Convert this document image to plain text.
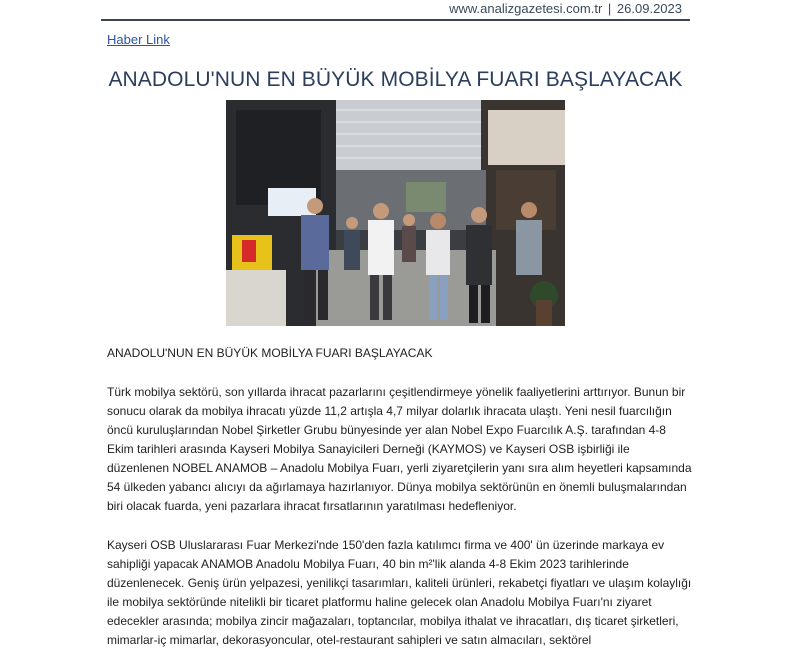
www.analizgazetesi.com.tr | 26.09.2023
Haber Link
ANADOLU'NUN EN BÜYÜK MOBİLYA FUARI BAŞLAYACAK

ANADOLU'NUN EN BÜYÜK MOBİLYA FUARI BAŞLAYACAK

Türk mobilya sektörü, son yıllarda ihracat pazarlarını çeşitlendirmeye yönelik faaliyetlerini arttırıyor. Bunun bir sonucu olarak da mobilya ihracatı yüzde 11,2 artışla 4,7 milyar dolarlık ihracata ulaştı. Yeni nesil fuarcılığın öncü kuruluşlarından Nobel Şirketler Grubu bünyesinde yer alan Nobel Expo Fuarcılık A.Ş. tarafından 4-8 Ekim tarihleri arasında Kayseri Mobilya Sanayicileri Derneği (KAYMOS) ve Kayseri OSB işbirliği ile düzenlenen NOBEL ANAMOB – Anadolu Mobilya Fuarı, yerli ziyaretçilerin yanı sıra alım heyetleri kapsamında 54 ülkeden yabancı alıcıyı da ağırlamaya hazırlanıyor. Dünya mobilya sektörünün en önemli buluşmalarından biri olacak fuarda, yeni pazarlara ihracat fırsatlarının yaratılması hedefleniyor.

Kayseri OSB Uluslararası Fuar Merkezi'nde 150'den fazla katılımcı firma ve 400' ün üzerinde markaya ev sahipliği yapacak ANAMOB Anadolu Mobilya Fuarı, 40 bin m²'lik alanda 4-8 Ekim 2023 tarihlerinde düzenlenecek. Geniş ürün yelpazesi, yenilikçi tasarımları, kaliteli ürünleri, rekabetçi fiyatları ve ulaşım kolaylığı ile mobilya sektöründe nitelikli bir ticaret platformu haline gelecek olan Anadolu Mobilya Fuarı'nı ziyaret edecekler arasında; mobilya zincir mağazaları, toptancılar, mobilya ithalat ve ihracatları, dış ticaret şirketleri, mimarlar-iç mimarlar, dekorasyoncular, otel-restaurant sahipleri ve satın almacıları, sektörel
